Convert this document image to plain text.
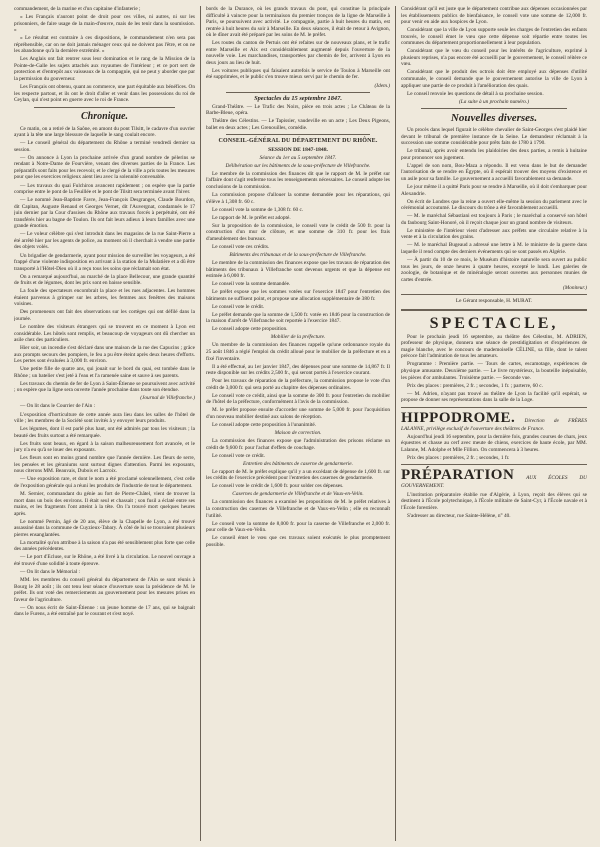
commandement, de la marine et d'un capitaine d'infanterie ;

« Les Français n'auront point de droit pour ces villes, ni autres, ni sur les prisonniers, de faire usage de la main-d'œuvre, mais de les tenir dans la soumission. »

« Le résultat est contraire à ces dispositions, le commandement n'en sera pas répréhensible, car on ne doit jamais ménager ceux qui ne doivent pas l'être, et on ne les abandonne qu'à la dernière extrémité. »

Les Anglais ont fait rentrer sous leur domination et le rang de la Mission de la Pointe-de-Galle les sujets attachés aux royaumes de l'intérieur ; et ce port sert de protection et d'entrepôt aux vaisseaux de la compagnie, qui ne peut y aborder que par la permission du gouverneur.

Les Français ont obtenu, quant au commerce, une part équitable aux bénéfices. On les respecte partout, et ils ont le droit d'aller et venir dans les possessions du roi de Ceylan, qui n'est point en guerre avec le roi de France.

Chronique.

Ce matin, on a retiré de la Saône, en amont du pont Tilsitt, le cadavre d'un ouvrier ayant à la tête une large blessure de laquelle le sang coulait encore.

— Le conseil général du département du Rhône a terminé vendredi dernier sa session.

— On annonce à Lyon la prochaine arrivée d'un grand nombre de pèlerins se rendant à Notre-Dame de Fourvière, venant des diverses parties de la France. Les préparatifs sont faits pour les recevoir, et le clergé de la ville a pris toutes les mesures pour que les exercices religieux aient lieu avec la solennité convenable.

— Les travaux du quai Fulchiron avancent rapidement ; on espère que la partie comprise entre le pont de la Feuillée et le pont de Tilsitt sera terminée avant l'hiver.

— Le nommé Jean-Baptiste Favre, Jean-François Desgranges, Claude Bourdon, dit Capitan, Auguste Renaud et Georges Vernet, dit l'Auvergnat, condamnés le 17 juin dernier par la Cour d'assises du Rhône aux travaux forcés à perpétuité, ont été transférés hier au bagne de Toulon. Ils ont fait leurs adieux à leurs familles avec une grande émotion.

— Le voleur célèbre qui s'est introduit dans les magasins de la rue Saint-Pierre a été arrêté hier par les agents de police, au moment où il cherchait à vendre une partie des objets volés.

Un brigadier de gendarmerie, ayant pour mission de surveiller les voyageurs, a été frappé d'une violente indisposition en arrivant à la station de la Mulatière et a dû être transporté à l'Hôtel-Dieu où il a reçu tous les soins que réclamait son état.

On a remarqué aujourd'hui, au marché de la place Bellecour, une grande quantité de fruits et de légumes, dont les prix sont en baisse sensible.

La foule des spectateurs encombrait la place et les rues adjacentes. Les hommes étaient parvenus à grimper sur les arbres, les femmes aux fenêtres des maisons voisines.

Des promeneurs ont fait des observations sur les cortèges qui ont défilé dans la journée.

Le nombre des visiteurs étrangers qui se trouvent en ce moment à Lyon est considérable. Les hôtels sont remplis, et beaucoup de voyageurs ont dû chercher un asile chez des particuliers.

Hier soir, un incendie s'est déclaré dans une maison de la rue des Capucins ; grâce aux prompts secours des pompiers, le feu a pu être éteint après deux heures d'efforts. Les pertes sont évaluées à 3,000 fr. environ.

Une petite fille de quatre ans, qui jouait sur le bord du quai, est tombée dans le Rhône ; un batelier s'est jeté à l'eau et l'a ramenée saine et sauve à ses parents.

Les travaux du chemin de fer de Lyon à Saint-Étienne se poursuivent avec activité ; on espère que la ligne sera ouverte l'année prochaine dans toute son étendue.

(Journal de Villefranche.)

— On lit dans le Courrier de l'Ain :

L'exposition d'horticulture de cette année aura lieu dans les salles de l'hôtel de ville ; les membres de la Société sont invités à y envoyer leurs produits.

Les légumes, dont il est parlé plus haut, ont été admirés par tous les visiteurs ; la beauté des fruits surtout a été remarquée.

Les fruits sont beaux, en égard à la saison malheureusement fort avancée, et le jury n'a eu qu'à se louer des exposants.

Les fleurs sont en moins grand nombre que l'année dernière. Les fleurs de serre, les pensées et les géraniums sont surtout dignes d'attention. Parmi les exposants, nous citerons MM. Beauvais, Dubois et Lacroix.

— Une exposition rare, et dont le nom a été proclamé solennellement, c'est celle de l'exposition générale qui a réuni les produits de l'industrie de tout le département.

M. Sernier, commandant du génie au fort de Pierre-Châtel, vient de trouver la mort dans un bois des environs. Il était seul et chassait ; son fusil a éclaté entre ses mains, et les fragments l'ont atteint à la tête. On l'a trouvé mort quelques heures après.

Le nommé Pernin, âgé de 20 ans, élève de la Chapelle de Lyon, a été trouvé assassiné dans la commune de Cuyzieux-Tabary. À côté de lui se trouvaient plusieurs pierres ensanglantées.

La mortalité qu'on attribue à la saison n'a pas été sensiblement plus forte que celle des années précédentes.

— Le port d'Ecluse, sur le Rhône, a été livré à la circulation. Le nouvel ouvrage a été trouvé d'une solidité à toute épreuve.

— On lit dans le Mémorial :

MM. les membres du conseil général du département de l'Ain se sont réunis à Bourg le 28 août ; ils ont tenu leur séance d'ouverture sous la présidence de M. le préfet. Ils ont voté des remerciements au gouvernement pour les mesures prises en faveur de l'agriculture.

— On nous écrit de Saint-Étienne : un jeune homme de 17 ans, qui se baignait dans le Furens, a été entraîné par le courant et s'est noyé.

bords de la Durance, où les grands travaux du pont, qui constitue la principale difficulté à vaincre pour la terminaison du premier tronçon de la ligne de Marseille à Paris, se poursuivent avec activité. Le compagnie, partie à huit heures du matin, est rentrée à huit heures du soir à Marseille. En deux séances, il était de retour à Avignon, où le dîner avait été préparé par les soins de M. le préfet.

Les routes du canton de Pertuis ont été refaites sur de nouveaux plans, et le trafic entre Marseille et Aix est considérablement augmenté depuis l'ouverture de la nouvelle voie. Les marchandises, transportées par chemin de fer, arrivent à Lyon en deux jours au lieu de huit.

Les voitures publiques qui faisaient autrefois le service de Toulon à Marseille ont été supprimées, et le public s'en trouve mieux servi par le chemin de fer.

(Idem.)

Spectacles du 15 septembre 1847.

Grand-Théâtre. — Le Trafic des Noirs, pièce en trois actes ; Le Château de la Barbe-Bleue, opéra.

Théâtre des Célestins. — Le Tapissier, vaudeville en un acte ; Les Deux Pigeons, ballet en deux actes ; Les Grenouilles, comédie.

CONSEIL-GÉNÉRAL DU DÉPARTEMENT DU RHÔNE.
SESSION DE 1847-1848.

Séance du 1er au 5 septembre 1847.

Délibération sur les bâtiments de la sous-préfecture de Villefranche.

Le membre de la commission des finances dit que le rapport de M. le préfet sur l'affaire dont s'agit renferme tous les renseignements nécessaires. Le conseil adopte les conclusions de la commission.

La commission propose d'allouer la somme demandée pour les réparations, qui s'élève à 1,308 fr. 60 c.

Le conseil vote la somme de 1,308 fr. 60 c.

Le rapport de M. le préfet est adopté.

Sur la proposition de la commission, le conseil vote le crédit de 500 fr. pour la construction d'un mur de clôture, et une somme de 310 fr. pour les frais d'ameublement des bureaux.

Le conseil vote ces crédits.

Bâtiments des tribunaux et de la sous-préfecture de Villefranche.

Le membre de la commission des finances expose que les travaux de réparation des bâtiments des tribunaux à Villefranche sont devenus urgents et que la dépense est estimée à 6,000 fr.

Le conseil vote la somme demandée.

Le préfet expose que les sommes votées sur l'exercice 1847 pour l'entretien des bâtiments ne suffisent point, et propose une allocation supplémentaire de 380 fr.

Le conseil vote le crédit.

Le préfet demande que la somme de 1,500 fr. votée en 1846 pour la construction de la maison d'arrêt de Villefranche soit reportée à l'exercice 1847.

Le conseil adopte cette proposition.

Mobilier de la préfecture.

Un membre de la commission des finances rappelle qu'une ordonnance royale du 25 août 1846 a réglé l'emploi du crédit alloué pour le mobilier de la préfecture et en a fixé l'inventaire.

Il a été effectué, au 1er janvier 1847, des dépenses pour une somme de 14,867 fr. Il reste disponible sur les crédits 2,500 fr., qui seront portés à l'exercice courant.

Pour les travaux de réparation de la préfecture, la commission propose le vote d'un crédit de 3,000 fr. qui sera porté au chapitre des dépenses ordinaires.

Le conseil vote ce crédit, ainsi que la somme de 300 fr. pour l'entretien du mobilier de l'hôtel de la préfecture, conformément à l'avis de la commission.

M. le préfet propose ensuite d'accorder une somme de 5,000 fr. pour l'acquisition d'un nouveau mobilier destiné aux salons de réception.

Le conseil adopte cette proposition à l'unanimité.

Maison de correction.

La commission des finances expose que l'administration des prisons réclame un crédit de 9,600 fr. pour l'achat d'effets de couchage.

Le conseil vote ce crédit.

Entretien des bâtiments de caserne de gendarmerie.

Le rapport de M. le préfet explique qu'il y a un excédant de dépense de 1,600 fr. sur les crédits de l'exercice précédent pour l'entretien des casernes de gendarmerie.

Le conseil vote le crédit de 1,600 fr. pour solder ces dépenses.

Casernes de gendarmerie de Villefranche et de Vaux-en-Velin.

La commission des finances a examiné les propositions de M. le préfet relatives à la construction des casernes de Villefranche et de Vaux-en-Velin ; elle en reconnaît l'utilité.

Le conseil vote la somme de 8,000 fr. pour la caserne de Villefranche et 2,000 fr. pour celle de Vaux-en-Velin.

Le conseil émet le vœu que ces travaux soient exécutés le plus promptement possible.

Considérant qu'il est juste que le département contribue aux dépenses occasionnées par les établissements publics de bienfaisance, le conseil vote une somme de 12,000 fr. pour venir en aide aux hospices de Lyon.

Considérant que la ville de Lyon supporte seule les charges de l'entretien des enfants trouvés, le conseil émet le vœu que cette dépense soit répartie entre toutes les communes du département proportionnellement à leur population.

Considérant que le vœu du conseil pour les intérêts de l'agriculture, exprimé à plusieurs reprises, n'a pas encore été accueilli par le gouvernement, le conseil réitère ce vœu.

Considérant que le produit des octrois doit être employé aux dépenses d'utilité communale, le conseil demande que le gouvernement autorise la ville de Lyon à appliquer une partie de ce produit à l'amélioration des quais.

Le conseil renvoie les questions de détail à sa prochaine session.

(La suite à un prochain numéro.)

Nouvelles diverses.

Un procès dans lequel figurait le célèbre chevalier de Saint-Georges s'est plaidé hier devant le tribunal de première instance de la Seine. Le demandeur réclamait à la succession une somme considérable pour prêts faits de 1780 à 1790.

Le tribunal, après avoir entendu les plaidoiries des deux parties, a remis à huitaine pour prononcer son jugement.

L'appel de son nom, Bou-Maza a répondu. Il est venu dans le but de demander l'autorisation de se rendre en Égypte, où il espérait trouver des moyens d'existence et un asile pour sa famille. Le gouvernement a accueilli favorablement sa demande.

Le jour même il a quitté Paris pour se rendre à Marseille, où il doit s'embarquer pour Alexandrie.

On écrit de Londres que la reine a ouvert elle-même la session du parlement avec le cérémonial accoutumé. Le discours du trône a été favorablement accueilli.

— M. le maréchal Sébastiani est toujours à Paris ; le maréchal a conservé son hôtel du faubourg Saint-Honoré, où il reçoit chaque jour un grand nombre de visiteurs.

Le ministère de l'intérieur vient d'adresser aux préfets une circulaire relative à la vente et à la circulation des grains.

— M. le maréchal Bugeaud a adressé une lettre à M. le ministre de la guerre dans laquelle il rend compte des derniers événements qui se sont passés en Algérie.

— À partir du 10 de ce mois, le Muséum d'histoire naturelle sera ouvert au public tous les jours, de onze heures à quatre heures, excepté le lundi. Les galeries de zoologie, de botanique et de minéralogie seront ouvertes aux personnes munies de cartes d'entrée.

(Moniteur.)

Le Gérant responsable, H. MURAT.

SPECTACLE,

Pour le prochain jeudi 16 septembre, au théâtre des Célestins, M. ADRIEN, professeur de physique, donnera une séance de prestidigitation et d'expériences de magie blanche, avec le concours de mademoiselle CÉLINE, sa fille, dont le talent précoce fait l'admiration de tous les amateurs.

Programme : Première partie. — Tours de cartes, escamotage, expériences de physique amusante. Deuxième partie. — Le livre mystérieux, la bouteille inépuisable, les pièces d'or ambulantes. Troisième partie. — Seconde vue.

Prix des places : premières, 2 fr. ; secondes, 1 fr. ; parterre, 60 c.

— M. Adrien, n'ayant pas trouvé au théâtre de Lyon la facilité qu'il espérait, se propose de donner ses représentations dans la salle de la Loge.

HIPPODROME. Direction de FRÈRES LALANNE, privilège exclusif de l'ouverture des théâtres de France.

Aujourd'hui jeudi 16 septembre, pour la dernière fois, grandes courses de chars, jeux équestres et chasse au cerf avec meute de chiens, exercices de haute école, par MM. Lalanne, M. Adolphe et Mlle Fillion. On commencera à 3 heures.

Prix des places : premières, 2 fr. ; secondes, 1 fr.

PRÉPARATION AUX ÉCOLES DU GOUVERNEMENT.

L'institution préparatoire établie rue d'Algérie, à Lyon, reçoit des élèves qui se destinent à l'École polytechnique, à l'École militaire de Saint-Cyr, à l'École navale et à l'École forestière.

S'adresser au directeur, rue Sainte-Hélène, n° 40.
